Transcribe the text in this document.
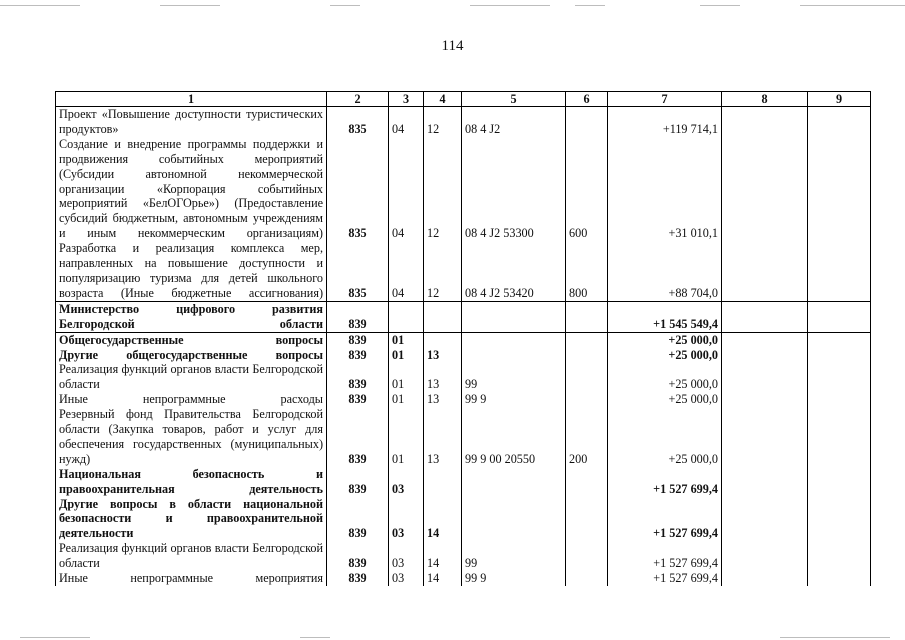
114
1	2	3	4	5	6	7	8	9
Проект «Повышение доступности туристических продуктов»	835	04	12	08 4 J2		+119 714,1		
Создание и внедрение программы поддержки и продвижения событийных мероприятий (Субсидии автономной некоммерческой организации «Корпорация событийных мероприятий «БелОГОрье») (Предоставление субсидий бюджетным, автономным учреждениям и иным некоммерческим организациям)	835	04	12	08 4 J2 53300	600	+31 010,1		
Разработка и реализация комплекса мер, направленных на повышение доступности и популяризацию туризма для детей школьного возраста (Иные бюджетные ассигнования)	835	04	12	08 4 J2 53420	800	+88 704,0		
Министерство цифрового развития Белгородской области	839					+1 545 549,4		
Общегосударственные вопросы	839	01				+25 000,0		
Другие общегосударственные вопросы	839	01	13			+25 000,0		
Реализация функций органов власти Белгородской области	839	01	13	99		+25 000,0		
Иные непрограммные расходы	839	01	13	99 9		+25 000,0		
Резервный фонд Правительства Белгородской области (Закупка товаров, работ и услуг для обеспечения государственных (муниципальных) нужд)	839	01	13	99 9 00 20550	200	+25 000,0		
Национальная безопасность и правоохранительная деятельность	839	03				+1 527 699,4		
Другие вопросы в области национальной безопасности и правоохранительной деятельности	839	03	14			+1 527 699,4		
Реализация функций органов власти Белгородской области	839	03	14	99		+1 527 699,4		
Иные непрограммные мероприятия	839	03	14	99 9		+1 527 699,4		
